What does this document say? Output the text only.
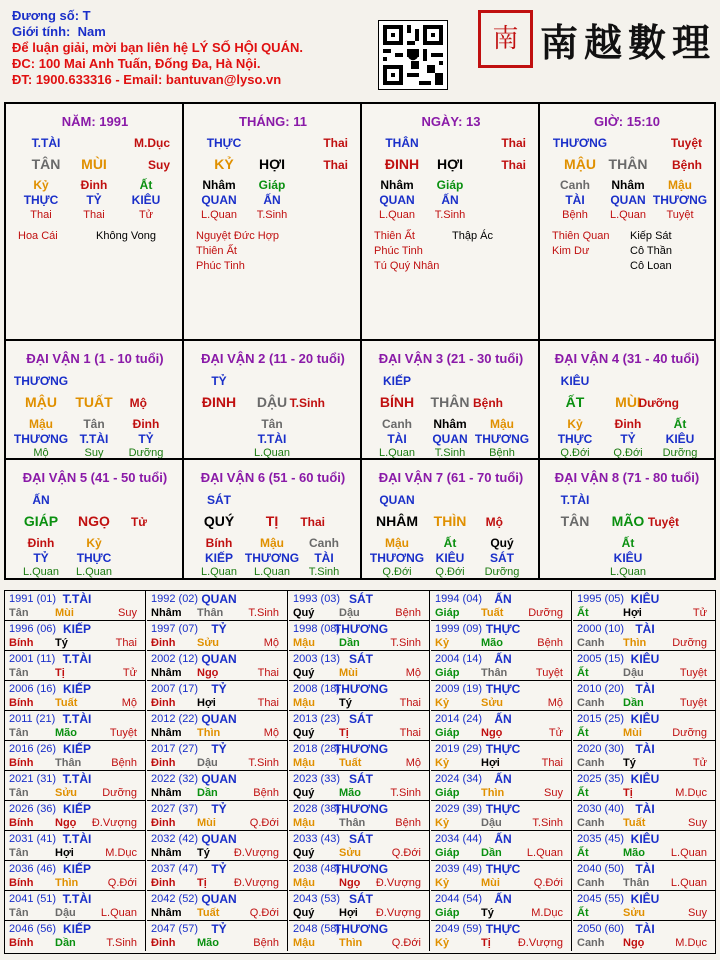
Đương số: T
Giới tính: Nam
Để luận giải, mời bạn liên hệ LÝ SỐ HỘI QUÁN.
ĐC: 100 Mai Anh Tuấn, Đống Đa, Hà Nội.
ĐT: 1900.633316 - Email: bantuvan@lyso.vn
南 南越數理
NĂM: 1991
T.TÀI	M.Dục
TÂN MÙI	Suy
Kỷ	Đinh	Ất
THỰC TỶ KIÊU
Thai	Thai	Tử
Hoa Cái	Không Vong
THÁNG: 11
THỰC	Thai
KỶ HỢI	Thai
Nhâm Giáp
QUAN ẤN
L.Quan T.Sinh
Nguyệt Đức Hợp
Thiên Ất
Phúc Tinh
NGÀY: 13
THÂN	Thai
ĐINH HỢI	Thai
Nhâm Giáp
QUAN ẤN
L.Quan T.Sinh
Thiên Ất
Phúc Tinh
Tú Quý Nhân
Thập Ác
GIỜ: 15:10
THƯƠNG	Tuyệt
MẬU THÂN Bệnh
Canh Nhâm Mậu
TÀI QUAN THƯƠNG
Bệnh L.Quan Tuyệt
Thiên Quan
Kim Dư
Kiếp Sát
Cô Thần
Cô Loan
ĐẠI VẬN 1 (1 - 10 tuổi)
THƯƠNG
MẬU TUẤT Mộ
Mậu	Tân Đinh
THƯƠNG T.TÀI TỶ
Mộ	Suy Dưỡng
ĐẠI VẬN 2 (11 - 20 tuổi)
TỶ
ĐINH DẬU T.Sinh
Tân
T.TÀI
L.Quan
ĐẠI VẬN 3 (21 - 30 tuổi)
KIẾP
BÍNH THÂN Bệnh
Canh Nhâm Mậu
TÀI QUAN THƯƠNG
L.Quan T.Sinh Bệnh
ĐẠI VẬN 4 (31 - 40 tuổi)
KIÊU
ẤT MÙI
Dưỡng
Kỷ	Đinh	Ất
THỰC TỶ KIÊU
Q.Đới Q.Đới Dưỡng
ĐẠI VẬN 5 (41 - 50 tuổi)
ẤN
GIÁP NGỌ Tử
Đinh	Kỷ
TỶ THỰC
L.Quan L.Quan
ĐẠI VẬN 6 (51 - 60 tuổi)
SÁT
QUÝ TỊ Thai
Bính Mậu Canh
KIẾP THƯƠNG TÀI
L.Quan L.Quan T.Sinh
ĐẠI VẬN 7 (61 - 70 tuổi)
QUAN
NHÂM THÌN Mộ
Mậu	Ất	Quý
THƯƠNG KIÊU SÁT
Q.Đới Q.Đới Dưỡng
ĐẠI VẬN 8 (71 - 80 tuổi)
T.TÀI
TÂN MÃO Tuyệt
Ất
KIÊU
L.Quan
1991 (01) T.TÀI
Tân Mùi	Suy
1992 (02) QUAN
Nhâm Thân T.Sinh
1993 (03) SÁT
Quý Dậu	Bệnh
1994 (04) ẤN
Giáp Tuất Dưỡng
1995 (05) KIÊU
Ất	Hợi	Tử
1996 (06) KIẾP
Bính Tý	Thai
1997 (07) TỶ
Đinh Sửu	Mộ
1998 (08)
THƯƠNG
Mậu Dần	T.Sinh
1999 (09) THỰC
Kỷ	Mão	Bệnh
2000 (10) TÀI
Canh Thìn Dưỡng
2001 (11) T.TÀI
Tân Tị	Tử
2002 (12) QUAN
Nhâm Ngọ	Thai
2003 (13) SÁT
Quý Mùi	Mộ
2004 (14) ẤN
Giáp Thân	Tuyệt
2005 (15) KIÊU
Ất	Dậu	Tuyệt
2006 (16) KIẾP
Bính Tuất	Mộ
2007 (17) TỶ
Đinh Hợi	Thai
2008 (18)
THƯƠNG
Mậu Tý	Thai
2009 (19) THỰC
Kỷ	Sửu	Mộ
2010 (20) TÀI
Canh Dần	Tuyệt
2011 (21) T.TÀI
Tân Mão	Tuyệt
2012 (22) QUAN
Nhâm Thìn	Mộ
2013 (23) SÁT
Quý Tị	Thai
2014 (24) ẤN
Giáp Ngọ	Tử
2015 (25) KIÊU
Ất	Mùi	Dưỡng
2016 (26) KIẾP
Bính Thân	Bệnh
2017 (27) TỶ
Đinh Dậu	T.Sinh
2018 (28)
THƯƠNG
Mậu Tuất	Mộ
2019 (29) THỰC
Kỷ	Hợi	Thai
2020 (30) TÀI
Canh Tý	Tử
2021 (31) T.TÀI
Tân Sửu Dưỡng
2022 (32) QUAN
Nhâm Dần	Bệnh
2023 (33) SÁT
Quý Mão	T.Sinh
2024 (34) ẤN
Giáp Thìn	Suy
2025 (35) KIÊU
Ất	Tị	M.Dục
2026 (36) KIẾP
Bính Ngọ Đ.Vượng
2027 (37) TỶ
Đinh Mùi	Q.Đới
2028 (38)
THƯƠNG
Mậu Thân	Bệnh
2029 (39) THỰC
Kỷ	Dậu	T.Sinh
2030 (40) TÀI
Canh Tuất	Suy
2031 (41) T.TÀI
Tân Hợi	M.Dục
2032 (42) QUAN
Nhâm Tý Đ.Vượng
2033 (43) SÁT
Quý Sửu	Q.Đới
2034 (44) ẤN
Giáp Dần L.Quan
2035 (45) KIÊU
Ất	Mão L.Quan
2036 (46) KIẾP
Bính Thìn	Q.Đới
2037 (47) TỶ
Đinh Tị Đ.Vượng
2038 (48)
THƯƠNG
Mậu Ngọ Đ.Vượng
2039 (49) THỰC
Kỷ	Mùi	Q.Đới
2040 (50) TÀI
Canh Thân L.Quan
2041 (51) T.TÀI
Tân Dậu L.Quan
2042 (52) QUAN
Nhâm Tuất	Q.Đới
2043 (53) SÁT
Quý Hợi Đ.Vượng
2044 (54) ẤN
Giáp Tý	M.Dục
2045 (55) KIÊU
Ất	Sửu	Suy
2046 (56) KIẾP
Bính Dần	T.Sinh
2047 (57) TỶ
Đinh Mão	Bệnh
2048 (58)
THƯƠNG
Mậu Thìn	Q.Đới
2049 (59) THỰC
Kỷ	Tị Đ.Vượng
2050 (60) TÀI
Canh Ngọ	M.Dục
